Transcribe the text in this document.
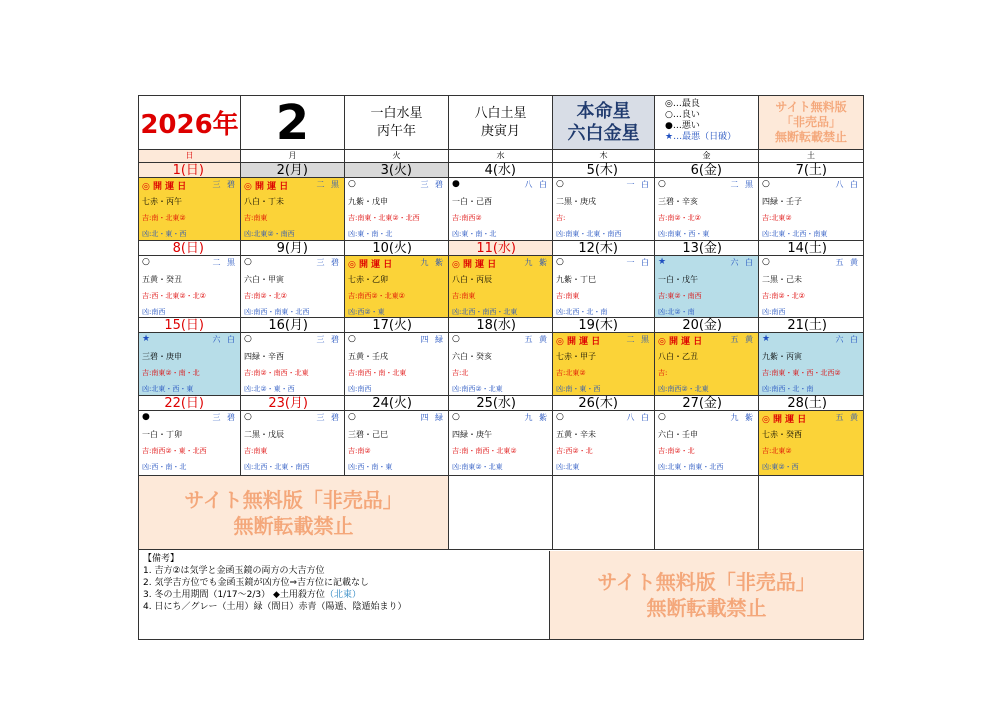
2026年 2	一白水星
丙午年
八白土星
庚寅月
本命星
六白金星
◎…最良
○…良い
●…悪い
★…最悪（日破）
サイト無料版
「非売品」
無断転載禁止
日	月	火	水	木	金	土
1(日)
◎ 開 運 日	三 碧
七赤・丙午
吉:南・北東②
凶:北・東・西
2(月)
◎ 開 運 日	二 黒
八白・丁未
吉:南東
凶:北東②・南西
3(火)
○	三 碧
九紫・戊申
吉:南東・北東②・北西
凶:東・南・北
4(水)
●	八 白
一白・己酉
吉:南西②
凶:東・南・北
5(木)
○	一 白
二黒・庚戌
吉:
凶:南東・北東・南西
6(金)
○	二 黒
三碧・辛亥
吉:南②・北②
凶:南東・西・東
7(土)
○	八 白
四緑・壬子
吉:北東②
凶:北東・北西・南東
8(日)
○	二 黒
五黄・癸丑
吉:西・北東②・北②
凶:南西
9(月)
○	三 碧
六白・甲寅
吉:南②・北②
凶:南西・南東・北西
10(火)
◎ 開 運 日	九 紫
七赤・乙卯
吉:南西②・北東②
凶:西②・東
11(水)
◎ 開 運 日	九 紫
八白・丙辰
吉:南東
凶:北西・南西・北東
12(木)
○	一 白
九紫・丁巳
吉:南東
凶:北西・北・南
13(金)
★	六 白
一白・戊午
吉:東②・南西
凶:北②・南
14(土)
○	五 黄
二黒・己未
吉:南②・北②
凶:南西
15(日)
★	六 白
三碧・庚申
吉:南東②・南・北
凶:北東・西・東
16(月)
○	三 碧
四緑・辛酉
吉:南②・南西・北東
凶:北②・東・西
17(火)
○	四 緑
五黄・壬戌
吉:南西・南・北東
凶:南西
18(水)
○	五 黄
六白・癸亥
吉:北
凶:南西②・北東
19(木)
◎ 開 運 日	二 黒
七赤・甲子
吉:北東②
凶:南・東・西
20(金)
◎ 開 運 日	五 黄
八白・乙丑
吉:
凶:南西②・北東
21(土)
★	六 白
九紫・丙寅
吉:南東・東・西・北西②
凶:南西・北・南
22(日)
●	三 碧
一白・丁卯
吉:南西②・東・北西
凶:西・南・北
23(月)
○	三 碧
二黒・戊辰
吉:南東
凶:北西・北東・南西
24(火)
○	四 緑
三碧・己巳
吉:南②
凶:西・南・東
25(水)
○	九 紫
四緑・庚午
吉:南・南西・北東②
凶:南東②・北東
26(木)
○	八 白
五黄・辛未
吉:西②・北
凶:北東
27(金)
○	九 紫
六白・壬申
吉:南②・北
凶:北東・南東・北西
28(土)
◎ 開 運 日	五 黄
七赤・癸酉
吉:北東②
凶:東②・西
サイト無料版「非売品」
無断転載禁止
【備考】
1. 吉方②は気学と金函玉鏡の両方の大吉方位
2. 気学吉方位でも金函玉鏡が凶方位⇒吉方位に記載なし
3. 冬の土用期間（1/17〜2/3） ◆土用殺方位（北東）
4. 日にち／グレー（土用）緑（間日）赤青（陽遁、陰遁始まり）
サイト無料版「非売品」
無断転載禁止
